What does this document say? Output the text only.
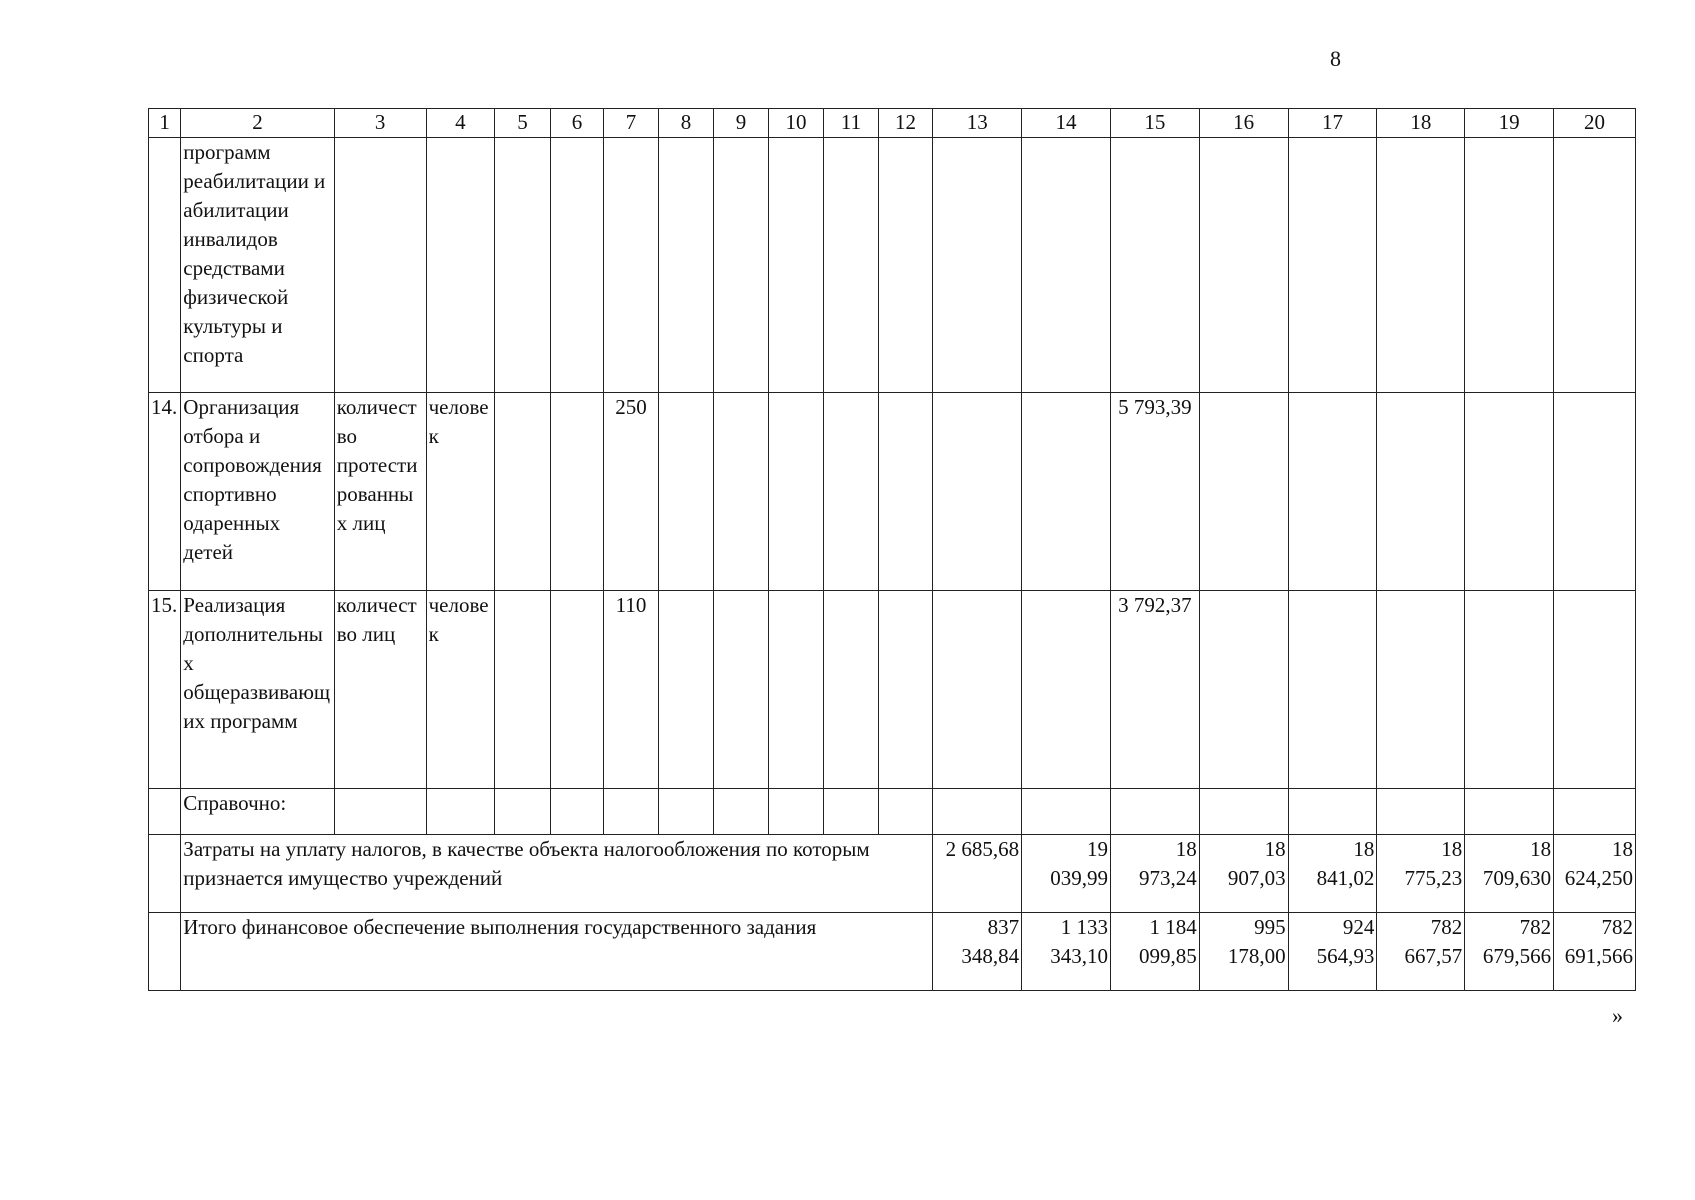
8
1	2	3	4	5	6	7	8	9	10	11	12	13	14	15	16	17	18	19	20
	программ реабилитации и абилитации инвалидов средствами физической культуры и спорта																		
14.	Организация отбора и сопровождения спортивно одаренных детей	количество протестированных лиц	человек			250								5 793,39					
15.	Реализация дополнительных общеразвивающих программ	количество лиц	человек			110								3 792,37					
	Справочно:																		
	Затраты на уплату налогов, в качестве объекта налогообложения по которым признается имущество учреждений											2 685,68	19 039,99	18 973,24	18 907,03	18 841,02	18 775,23	18 709,630	18 624,250
	Итого финансовое обеспечение выполнения государственного задания											837 348,84	1 133 343,10	1 184 099,85	995 178,00	924 564,93	782 667,57	782 679,566	782 691,566
»
